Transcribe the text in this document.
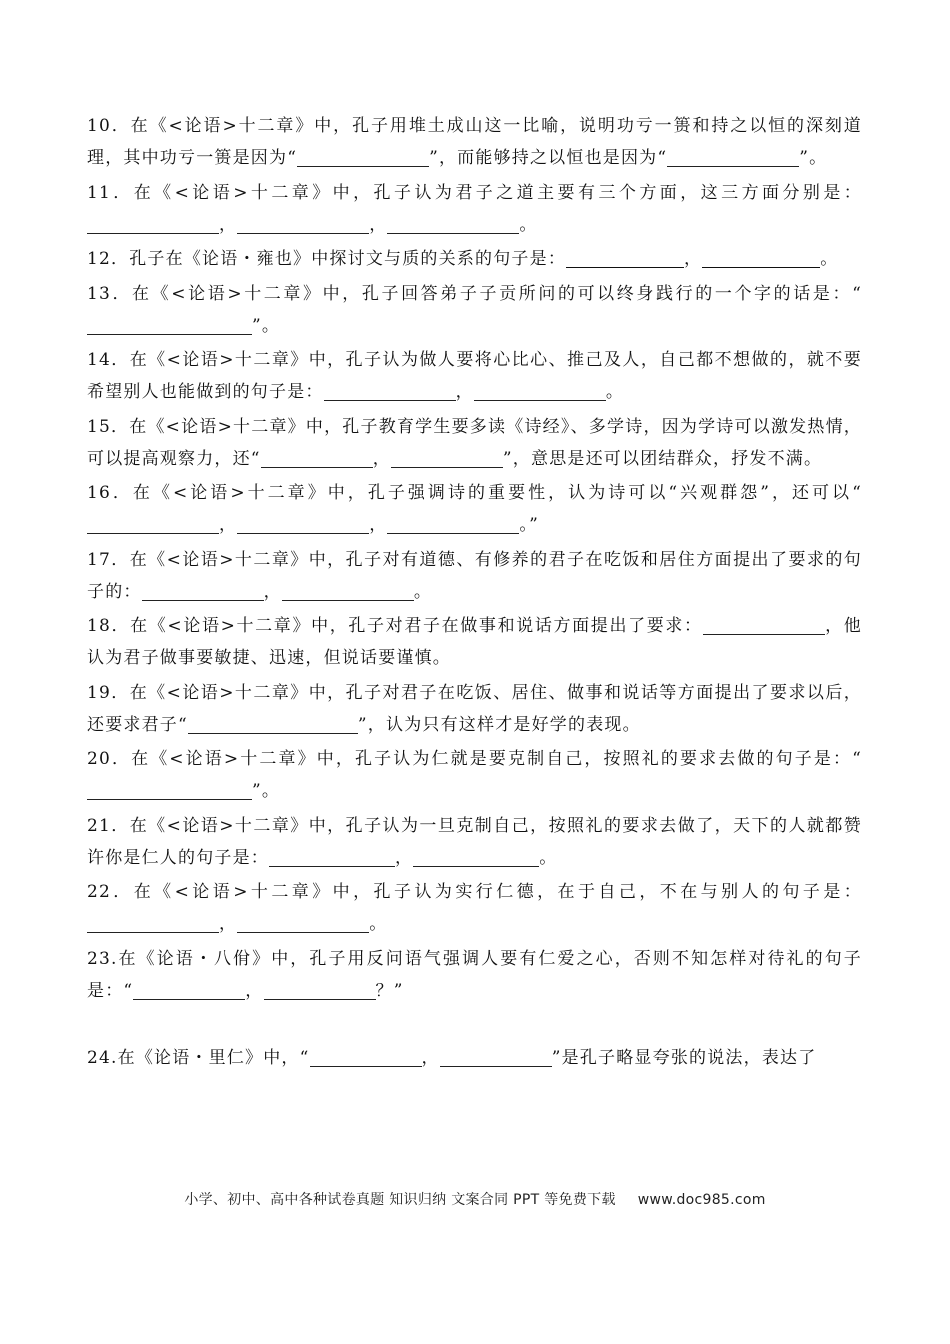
10．在《<论语>十二章》中，孔子用堆土成山这一比喻，说明功亏一篑和持之以恒的深刻道理，其中功亏一篑是因为“	”，而能够持之以恒也是因为“	”。

11．在《<论语>十二章》中，孔子认为君子之道主要有三个方面，这三方面分别是：，	，	。

12．孔子在《论语・雍也》中探讨文与质的关系的句子是：	，	。

13．在《<论语>十二章》中，孔子回答弟子子贡所问的可以终身践行的一个字的话是：“”。

14．在《<论语>十二章》中，孔子认为做人要将心比心、推己及人，自己都不想做的，就不要希望别人也能做到的句子是：	，	。

15．在《<论语>十二章》中，孔子教育学生要多读《诗经》、多学诗，因为学诗可以激发热情，可以提高观察力，还“	，	”，意思是还可以团结群众，抒发不满。

16．在《<论语>十二章》中，孔子强调诗的重要性，认为诗可以“兴观群怨”，还可以“，	，	。”

17．在《<论语>十二章》中，孔子对有道德、有修养的君子在吃饭和居住方面提出了要求的句子的：	，	。

18．在《<论语>十二章》中，孔子对君子在做事和说话方面提出了要求：	，他认为君子做事要敏捷、迅速，但说话要谨慎。

19．在《<论语>十二章》中，孔子对君子在吃饭、居住、做事和说话等方面提出了要求以后，还要求君子“	”，认为只有这样才是好学的表现。

20．在《<论语>十二章》中，孔子认为仁就是要克制自己，按照礼的要求去做的句子是：“”。

21．在《<论语>十二章》中，孔子认为一旦克制自己，按照礼的要求去做了，天下的人就都赞许你是仁人的句子是：	，	。

22．在《<论语>十二章》中，孔子认为实行仁德，在于自己，不在与别人的句子是：，	。

23.在《论语・八佾》中，孔子用反问语气强调人要有仁爱之心，否则不知怎样对待礼的句子是：“	，	？”

24.在《论语・里仁》中，“	，	”是孔子略显夸张的说法，表达了

小学、初中、高中各种试卷真题 知识归纳 文案合同 PPT 等免费下载 www.doc985.com
